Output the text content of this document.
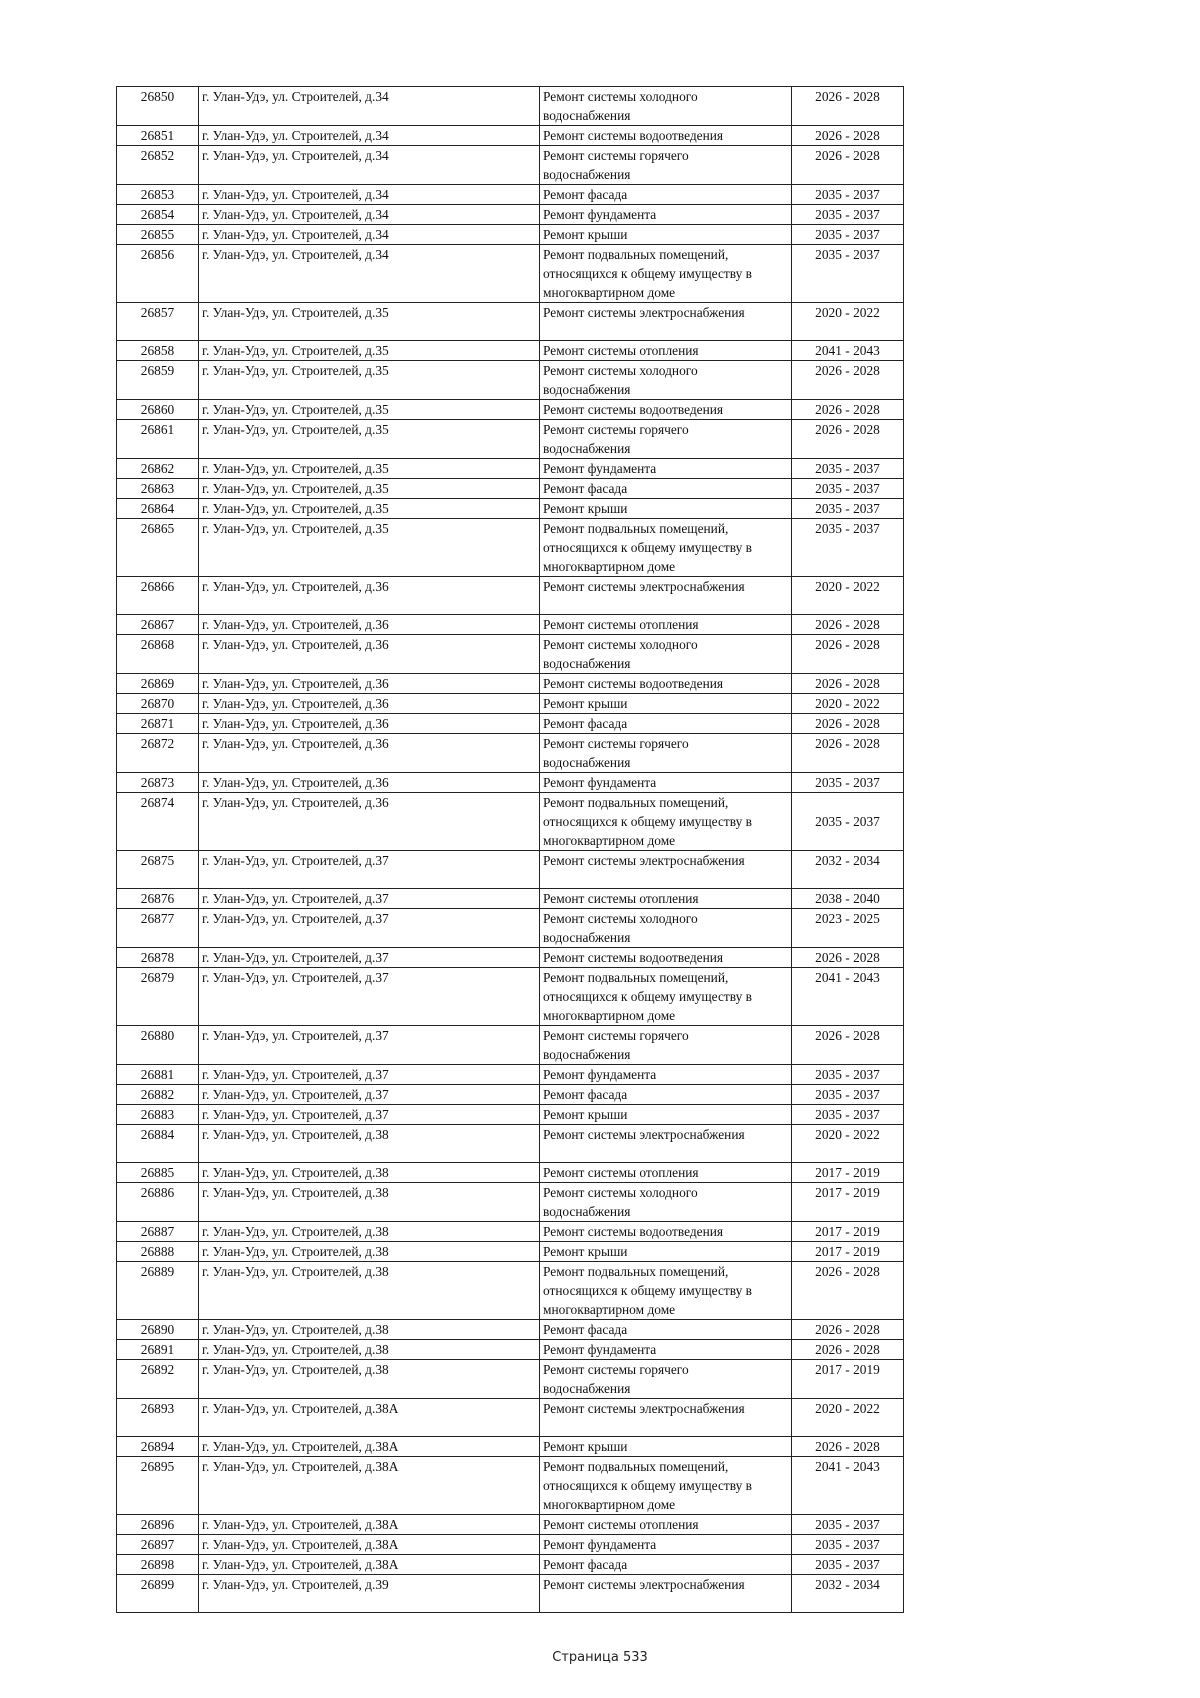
26850	г. Улан-Удэ, ул. Строителей, д.34	Ремонт системы холодного
водоснабжения	2026 - 2028
26851	г. Улан-Удэ, ул. Строителей, д.34	Ремонт системы водоотведения	2026 - 2028
26852	г. Улан-Удэ, ул. Строителей, д.34	Ремонт системы горячего
водоснабжения	2026 - 2028
26853	г. Улан-Удэ, ул. Строителей, д.34	Ремонт фасада	2035 - 2037
26854	г. Улан-Удэ, ул. Строителей, д.34	Ремонт фундамента	2035 - 2037
26855	г. Улан-Удэ, ул. Строителей, д.34	Ремонт крыши	2035 - 2037
26856	г. Улан-Удэ, ул. Строителей, д.34	Ремонт подвальных помещений,
относящихся к общему имуществу в
многоквартирном доме	2035 - 2037
26857	г. Улан-Удэ, ул. Строителей, д.35	Ремонт системы электроснабжения	2020 - 2022
26858	г. Улан-Удэ, ул. Строителей, д.35	Ремонт системы отопления	2041 - 2043
26859	г. Улан-Удэ, ул. Строителей, д.35	Ремонт системы холодного
водоснабжения	2026 - 2028
26860	г. Улан-Удэ, ул. Строителей, д.35	Ремонт системы водоотведения	2026 - 2028
26861	г. Улан-Удэ, ул. Строителей, д.35	Ремонт системы горячего
водоснабжения	2026 - 2028
26862	г. Улан-Удэ, ул. Строителей, д.35	Ремонт фундамента	2035 - 2037
26863	г. Улан-Удэ, ул. Строителей, д.35	Ремонт фасада	2035 - 2037
26864	г. Улан-Удэ, ул. Строителей, д.35	Ремонт крыши	2035 - 2037
26865	г. Улан-Удэ, ул. Строителей, д.35	Ремонт подвальных помещений,
относящихся к общему имуществу в
многоквартирном доме	2035 - 2037
26866	г. Улан-Удэ, ул. Строителей, д.36	Ремонт системы электроснабжения	2020 - 2022
26867	г. Улан-Удэ, ул. Строителей, д.36	Ремонт системы отопления	2026 - 2028
26868	г. Улан-Удэ, ул. Строителей, д.36	Ремонт системы холодного
водоснабжения	2026 - 2028
26869	г. Улан-Удэ, ул. Строителей, д.36	Ремонт системы водоотведения	2026 - 2028
26870	г. Улан-Удэ, ул. Строителей, д.36	Ремонт крыши	2020 - 2022
26871	г. Улан-Удэ, ул. Строителей, д.36	Ремонт фасада	2026 - 2028
26872	г. Улан-Удэ, ул. Строителей, д.36	Ремонт системы горячего
водоснабжения	2026 - 2028
26873	г. Улан-Удэ, ул. Строителей, д.36	Ремонт фундамента	2035 - 2037
26874	г. Улан-Удэ, ул. Строителей, д.36	Ремонт подвальных помещений,
относящихся к общему имуществу в
многоквартирном доме	2035 - 2037
26875	г. Улан-Удэ, ул. Строителей, д.37	Ремонт системы электроснабжения	2032 - 2034
26876	г. Улан-Удэ, ул. Строителей, д.37	Ремонт системы отопления	2038 - 2040
26877	г. Улан-Удэ, ул. Строителей, д.37	Ремонт системы холодного
водоснабжения	2023 - 2025
26878	г. Улан-Удэ, ул. Строителей, д.37	Ремонт системы водоотведения	2026 - 2028
26879	г. Улан-Удэ, ул. Строителей, д.37	Ремонт подвальных помещений,
относящихся к общему имуществу в
многоквартирном доме	2041 - 2043
26880	г. Улан-Удэ, ул. Строителей, д.37	Ремонт системы горячего
водоснабжения	2026 - 2028
26881	г. Улан-Удэ, ул. Строителей, д.37	Ремонт фундамента	2035 - 2037
26882	г. Улан-Удэ, ул. Строителей, д.37	Ремонт фасада	2035 - 2037
26883	г. Улан-Удэ, ул. Строителей, д.37	Ремонт крыши	2035 - 2037
26884	г. Улан-Удэ, ул. Строителей, д.38	Ремонт системы электроснабжения	2020 - 2022
26885	г. Улан-Удэ, ул. Строителей, д.38	Ремонт системы отопления	2017 - 2019
26886	г. Улан-Удэ, ул. Строителей, д.38	Ремонт системы холодного
водоснабжения	2017 - 2019
26887	г. Улан-Удэ, ул. Строителей, д.38	Ремонт системы водоотведения	2017 - 2019
26888	г. Улан-Удэ, ул. Строителей, д.38	Ремонт крыши	2017 - 2019
26889	г. Улан-Удэ, ул. Строителей, д.38	Ремонт подвальных помещений,
относящихся к общему имуществу в
многоквартирном доме	2026 - 2028
26890	г. Улан-Удэ, ул. Строителей, д.38	Ремонт фасада	2026 - 2028
26891	г. Улан-Удэ, ул. Строителей, д.38	Ремонт фундамента	2026 - 2028
26892	г. Улан-Удэ, ул. Строителей, д.38	Ремонт системы горячего
водоснабжения	2017 - 2019
26893	г. Улан-Удэ, ул. Строителей, д.38А	Ремонт системы электроснабжения	2020 - 2022
26894	г. Улан-Удэ, ул. Строителей, д.38А	Ремонт крыши	2026 - 2028
26895	г. Улан-Удэ, ул. Строителей, д.38А	Ремонт подвальных помещений,
относящихся к общему имуществу в
многоквартирном доме	2041 - 2043
26896	г. Улан-Удэ, ул. Строителей, д.38А	Ремонт системы отопления	2035 - 2037
26897	г. Улан-Удэ, ул. Строителей, д.38А	Ремонт фундамента	2035 - 2037
26898	г. Улан-Удэ, ул. Строителей, д.38А	Ремонт фасада	2035 - 2037
26899	г. Улан-Удэ, ул. Строителей, д.39	Ремонт системы электроснабжения	2032 - 2034
Страница 533
